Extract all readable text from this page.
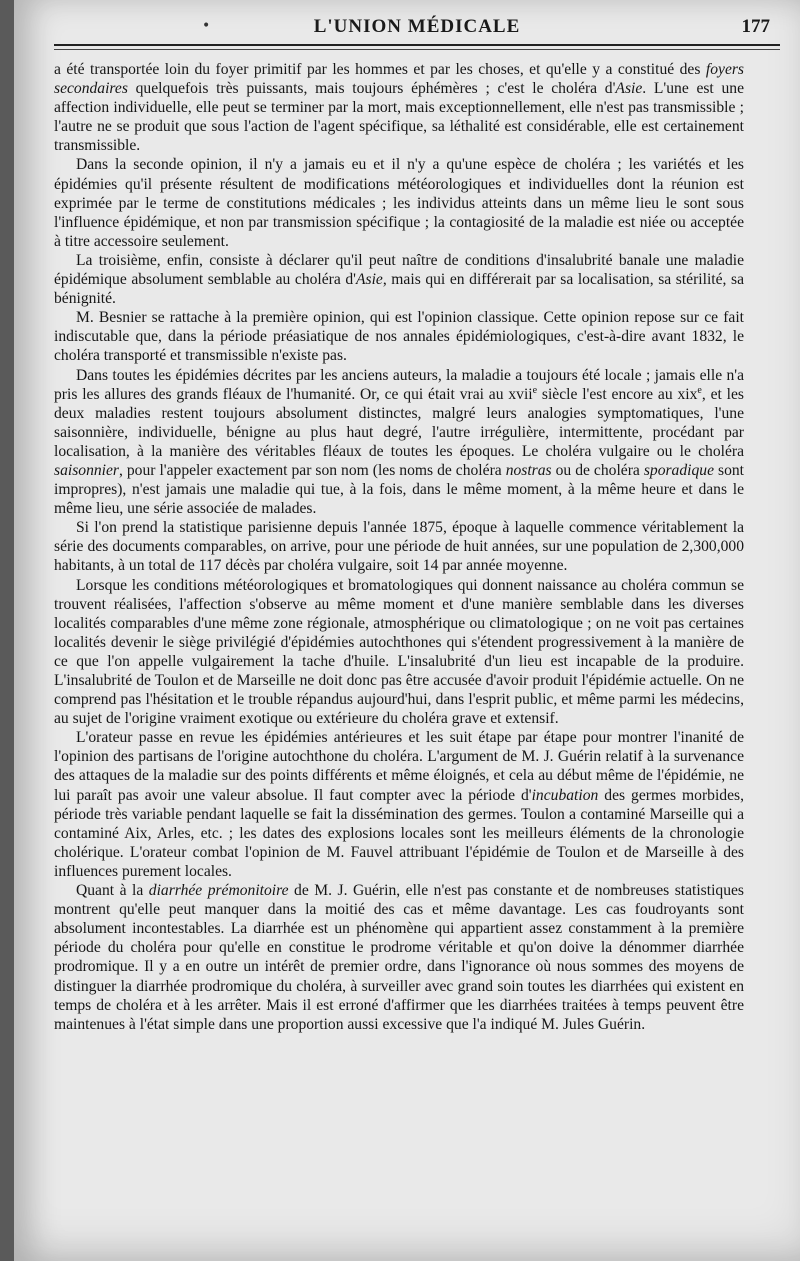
•	L'UNION MÉDICALE	177

a été transportée loin du foyer primitif par les hommes et par les choses, et qu'elle y a constitué des foyers secondaires quelquefois très puissants, mais toujours éphémères ; c'est le choléra d'Asie. L'une est une affection individuelle, elle peut se terminer par la mort, mais exceptionnellement, elle n'est pas transmissible ; l'autre ne se produit que sous l'action de l'agent spécifique, sa léthalité est considérable, elle est certainement transmissible.

Dans la seconde opinion, il n'y a jamais eu et il n'y a qu'une espèce de choléra ; les variétés et les épidémies qu'il présente résultent de modifications météorologiques et individuelles dont la réunion est exprimée par le terme de constitutions médicales ; les individus atteints dans un même lieu le sont sous l'influence épidémique, et non par transmission spécifique ; la contagiosité de la maladie est niée ou acceptée à titre accessoire seulement.

La troisième, enfin, consiste à déclarer qu'il peut naître de conditions d'insalubrité banale une maladie épidémique absolument semblable au choléra d'Asie, mais qui en différerait par sa localisation, sa stérilité, sa bénignité.

M. Besnier se rattache à la première opinion, qui est l'opinion classique. Cette opinion repose sur ce fait indiscutable que, dans la période préasiatique de nos annales épidémiologiques, c'est-à-dire avant 1832, le choléra transporté et transmissible n'existe pas.

Dans toutes les épidémies décrites par les anciens auteurs, la maladie a toujours été locale ; jamais elle n'a pris les allures des grands fléaux de l'humanité. Or, ce qui était vrai au xvii$^e$ siècle l'est encore au xix$^e$, et les deux maladies restent toujours absolument distinctes, malgré leurs analogies symptomatiques, l'une saisonnière, individuelle, bénigne au plus haut degré, l'autre irrégulière, intermittente, procédant par localisation, à la manière des véritables fléaux de toutes les époques. Le choléra vulgaire ou le choléra saisonnier, pour l'appeler exactement par son nom (les noms de choléra nostras ou de choléra sporadique sont impropres), n'est jamais une maladie qui tue, à la fois, dans le même moment, à la même heure et dans le même lieu, une série associée de malades.

Si l'on prend la statistique parisienne depuis l'année 1875, époque à laquelle commence véritablement la série des documents comparables, on arrive, pour une période de huit années, sur une population de 2,300,000 habitants, à un total de 117 décès par choléra vulgaire, soit 14 par année moyenne.

Lorsque les conditions météorologiques et bromatologiques qui donnent naissance au choléra commun se trouvent réalisées, l'affection s'observe au même moment et d'une manière semblable dans les diverses localités comparables d'une même zone régionale, atmosphérique ou climatologique ; on ne voit pas certaines localités devenir le siège privilégié d'épidémies autochthones qui s'étendent progressivement à la manière de ce que l'on appelle vulgairement la tache d'huile. L'insalubrité d'un lieu est incapable de la produire. L'insalubrité de Toulon et de Marseille ne doit donc pas être accusée d'avoir produit l'épidémie actuelle. On ne comprend pas l'hésitation et le trouble répandus aujourd'hui, dans l'esprit public, et même parmi les médecins, au sujet de l'origine vraiment exotique ou extérieure du choléra grave et extensif.

L'orateur passe en revue les épidémies antérieures et les suit étape par étape pour montrer l'inanité de l'opinion des partisans de l'origine autochthone du choléra. L'argument de M. J. Guérin relatif à la survenance des attaques de la maladie sur des points différents et même éloignés, et cela au début même de l'épidémie, ne lui paraît pas avoir une valeur absolue. Il faut compter avec la période d'incubation des germes morbides, période très variable pendant laquelle se fait la dissémination des germes. Toulon a contaminé Marseille qui a contaminé Aix, Arles, etc. ; les dates des explosions locales sont les meilleurs éléments de la chronologie cholérique. L'orateur combat l'opinion de M. Fauvel attribuant l'épidémie de Toulon et de Marseille à des influences purement locales.

Quant à la diarrhée prémonitoire de M. J. Guérin, elle n'est pas constante et de nombreuses statistiques montrent qu'elle peut manquer dans la moitié des cas et même davantage. Les cas foudroyants sont absolument incontestables. La diarrhée est un phénomène qui appartient assez constamment à la première période du choléra pour qu'elle en constitue le prodrome véritable et qu'on doive la dénommer diarrhée prodromique. Il y a en outre un intérêt de premier ordre, dans l'ignorance où nous sommes des moyens de distinguer la diarrhée prodromique du choléra, à surveiller avec grand soin toutes les diarrhées qui existent en temps de choléra et à les arrêter. Mais il est erroné d'affirmer que les diarrhées traitées à temps peuvent être maintenues à l'état simple dans une proportion aussi excessive que l'a indiqué M. Jules Guérin.
